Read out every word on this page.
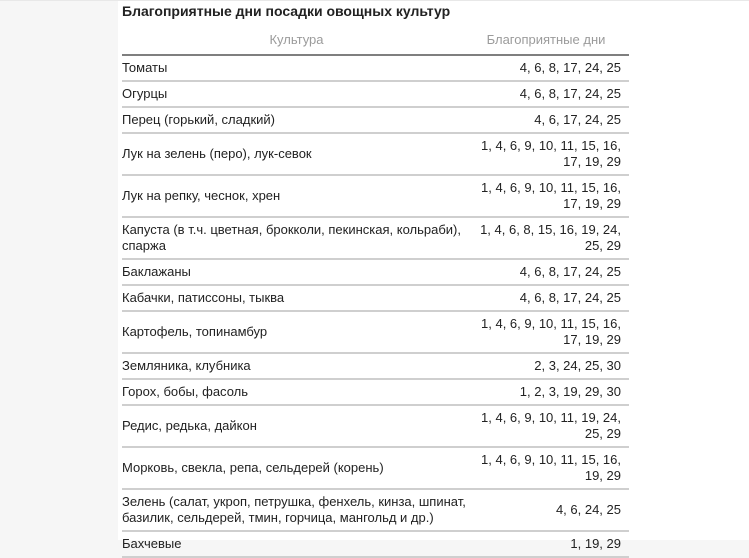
Благоприятные дни посадки овощных культур
Культура	Благоприятные дни
Томаты	4, 6, 8, 17, 24, 25
Огурцы	4, 6, 8, 17, 24, 25
Перец (горький, сладкий)	4, 6, 17, 24, 25
Лук на зелень (перо), лук-севок	1, 4, 6, 9, 10, 11, 15, 16, 17, 19, 29
Лук на репку, чеснок, хрен	1, 4, 6, 9, 10, 11, 15, 16, 17, 19, 29
Капуста (в т.ч. цветная, брокколи, пекинская, кольраби), спаржа	1, 4, 6, 8, 15, 16, 19, 24, 25, 29
Баклажаны	4, 6, 8, 17, 24, 25
Кабачки, патиссоны, тыква	4, 6, 8, 17, 24, 25
Картофель, топинамбур	1, 4, 6, 9, 10, 11, 15, 16, 17, 19, 29
Земляника, клубника	2, 3, 24, 25, 30
Горох, бобы, фасоль	1, 2, 3, 19, 29, 30
Редис, редька, дайкон	1, 4, 6, 9, 10, 11, 19, 24, 25, 29
Морковь, свекла, репа, сельдерей (корень)	1, 4, 6, 9, 10, 11, 15, 16, 19, 29
Зелень (салат, укроп, петрушка, фенхель, кинза, шпинат, базилик, сельдерей, тмин, горчица, мангольд и др.)	4, 6, 24, 25
Бахчевые	1, 19, 29
